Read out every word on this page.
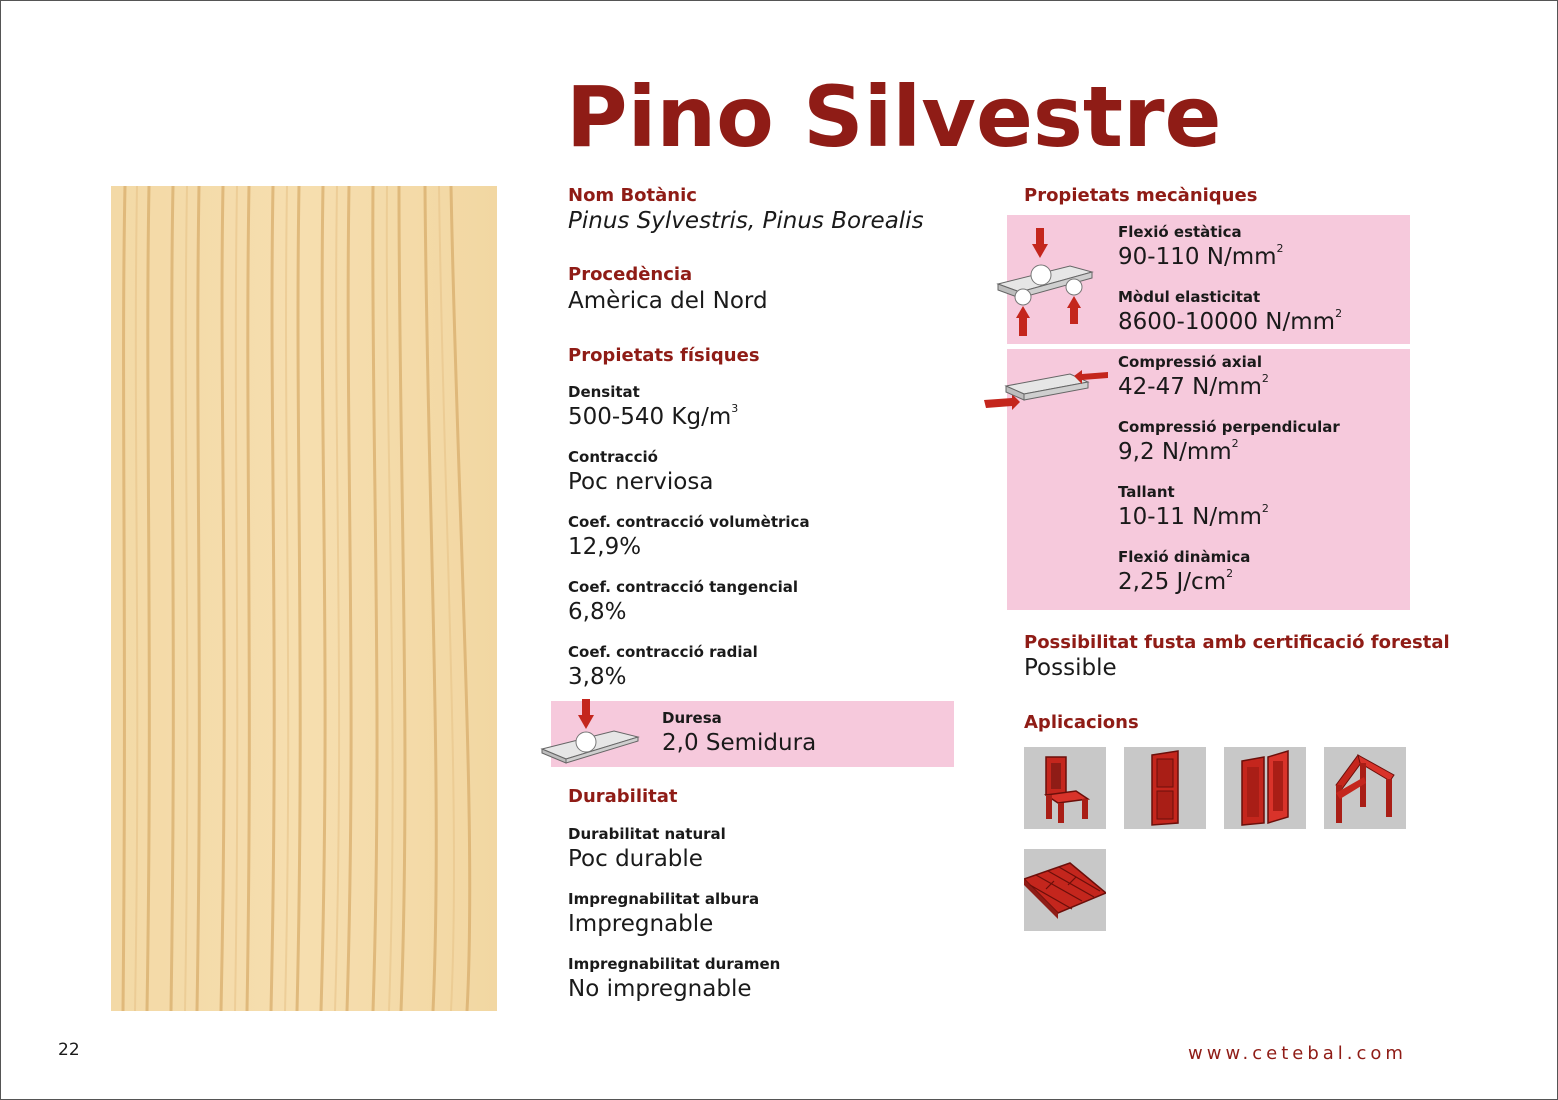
Pino Silvestre
Nom Botànic
Pinus Sylvestris, Pinus Borealis
Procedència
Amèrica del Nord
Propietats físiques
Densitat
500-540 $Kg/m^3$
Contracció
Poc nerviosa
Coef. contracció volumètrica
12,9%
Coef. contracció tangencial
6,8%
Coef. contracció radial
3,8%
Duresa
2,0 Semidura
Durabilitat
Durabilitat natural
Poc durable
Impregnabilitat albura
Impregnable
Impregnabilitat duramen
No impregnable
Propietats mecàniques
Flexió estàtica
90-110 $N/mm^2$
Mòdul elasticitat
8600-10000 $N/mm^2$
Compressió axial
42-47 $N/mm^2$
Compressió perpendicular
9,2 $N/mm^2$
Tallant
10-11 $N/mm^2$
Flexió dinàmica
2,25 $J/cm^2$
Possibilitat fusta amb certificació forestal
Possible
Aplicacions
22	www.cetebal.com
